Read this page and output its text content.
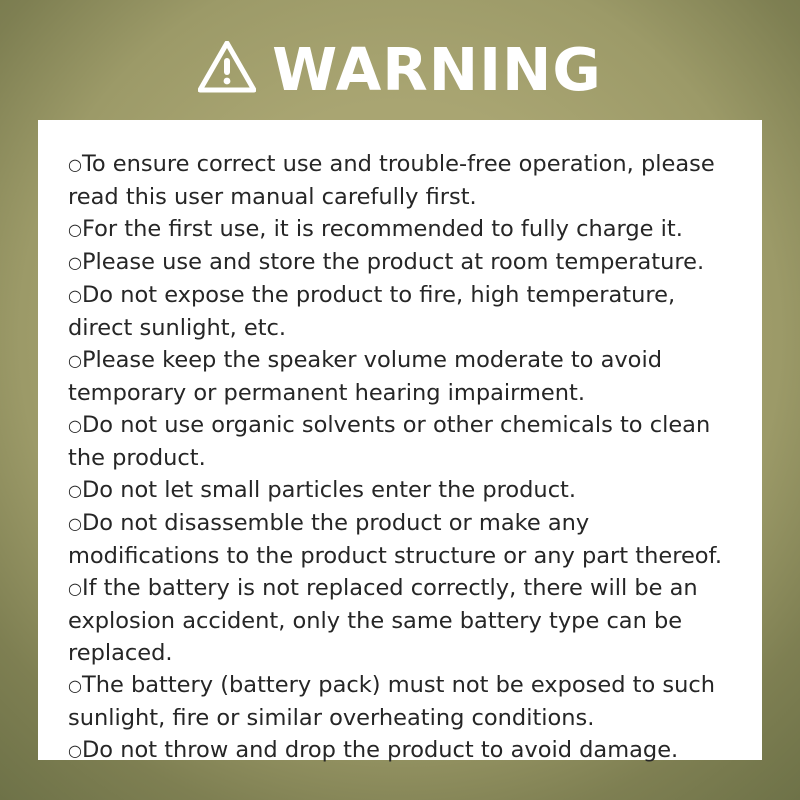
WARNING
○To ensure correct use and trouble-free operation, please read this user manual carefully first.
○For the first use, it is recommended to fully charge it.
○Please use and store the product at room temperature.
○Do not expose the product to fire, high temperature, direct sunlight, etc.
○Please keep the speaker volume moderate to avoid temporary or permanent hearing impairment.
○Do not use organic solvents or other chemicals to clean the product.
○Do not let small particles enter the product.
○Do not disassemble the product or make any modifications to the product structure or any part thereof.
○If the battery is not replaced correctly, there will be an explosion accident, only the same battery type can be replaced.
○The battery (battery pack) must not be exposed to such sunlight, fire or similar overheating conditions.
○Do not throw and drop the product to avoid damage.
